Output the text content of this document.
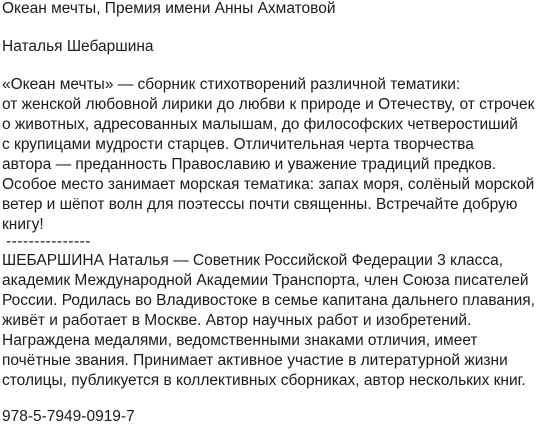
Океан мечты, Премия имени Анны Ахматовой

Наталья Шебаршина

«Океан мечты» — сборник стихотворений различной тематики:

от женской любовной лирики до любви к природе и Отечеству, от строчек

о животных, адресованных малышам, до философских четверостиший

с крупицами мудрости старцев. Отличительная черта творчества

автора — преданность Православию и уважение традиций предков.

Особое место занимает морская тематика: запах моря, солёный морской

ветер и шёпот волн для поэтессы почти священны. Встречайте добрую

книгу!

---------------

ШЕБАРШИНА Наталья — Советник Российской Федерации 3 класса,

академик Международной Академии Транспорта, член Союза писателей

России. Родилась во Владивостоке в семье капитана дальнего плавания,

живёт и работает в Москве. Автор научных работ и изобретений.

Награждена медалями, ведомственными знаками отличия, имеет

почётные звания. Принимает активное участие в литературной жизни

столицы, публикуется в коллективных сборниках, автор нескольких книг.

978-5-7949-0919-7
